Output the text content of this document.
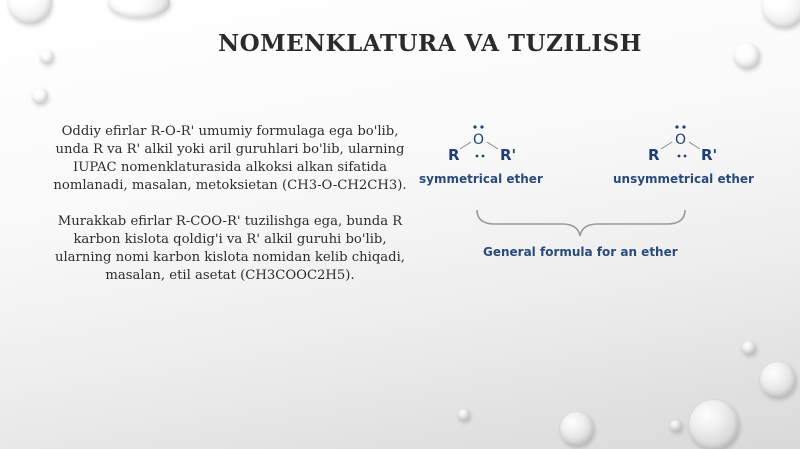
NOMENKLATURA VA TUZILISH

Oddiy efirlar R-O-R' umumiy formulaga ega bo'lib, unda R va R' alkil yoki aril guruhlari bo'lib, ularning IUPAC nomenklaturasida alkoksi alkan sifatida nomlanadi, masalan, metoksietan (CH3-O-CH2CH3).

Murakkab efirlar R-COO-R' tuzilishga ega, bunda R karbon kislota qoldig'i va R' alkil guruhi bo'lib, ularning nomi karbon kislota nomidan kelib chiqadi, masalan, etil asetat (CH3COOC2H5).

O
R	R'
symmetrical ether
O
R	R'
unsymmetrical ether
General formula for an ether
